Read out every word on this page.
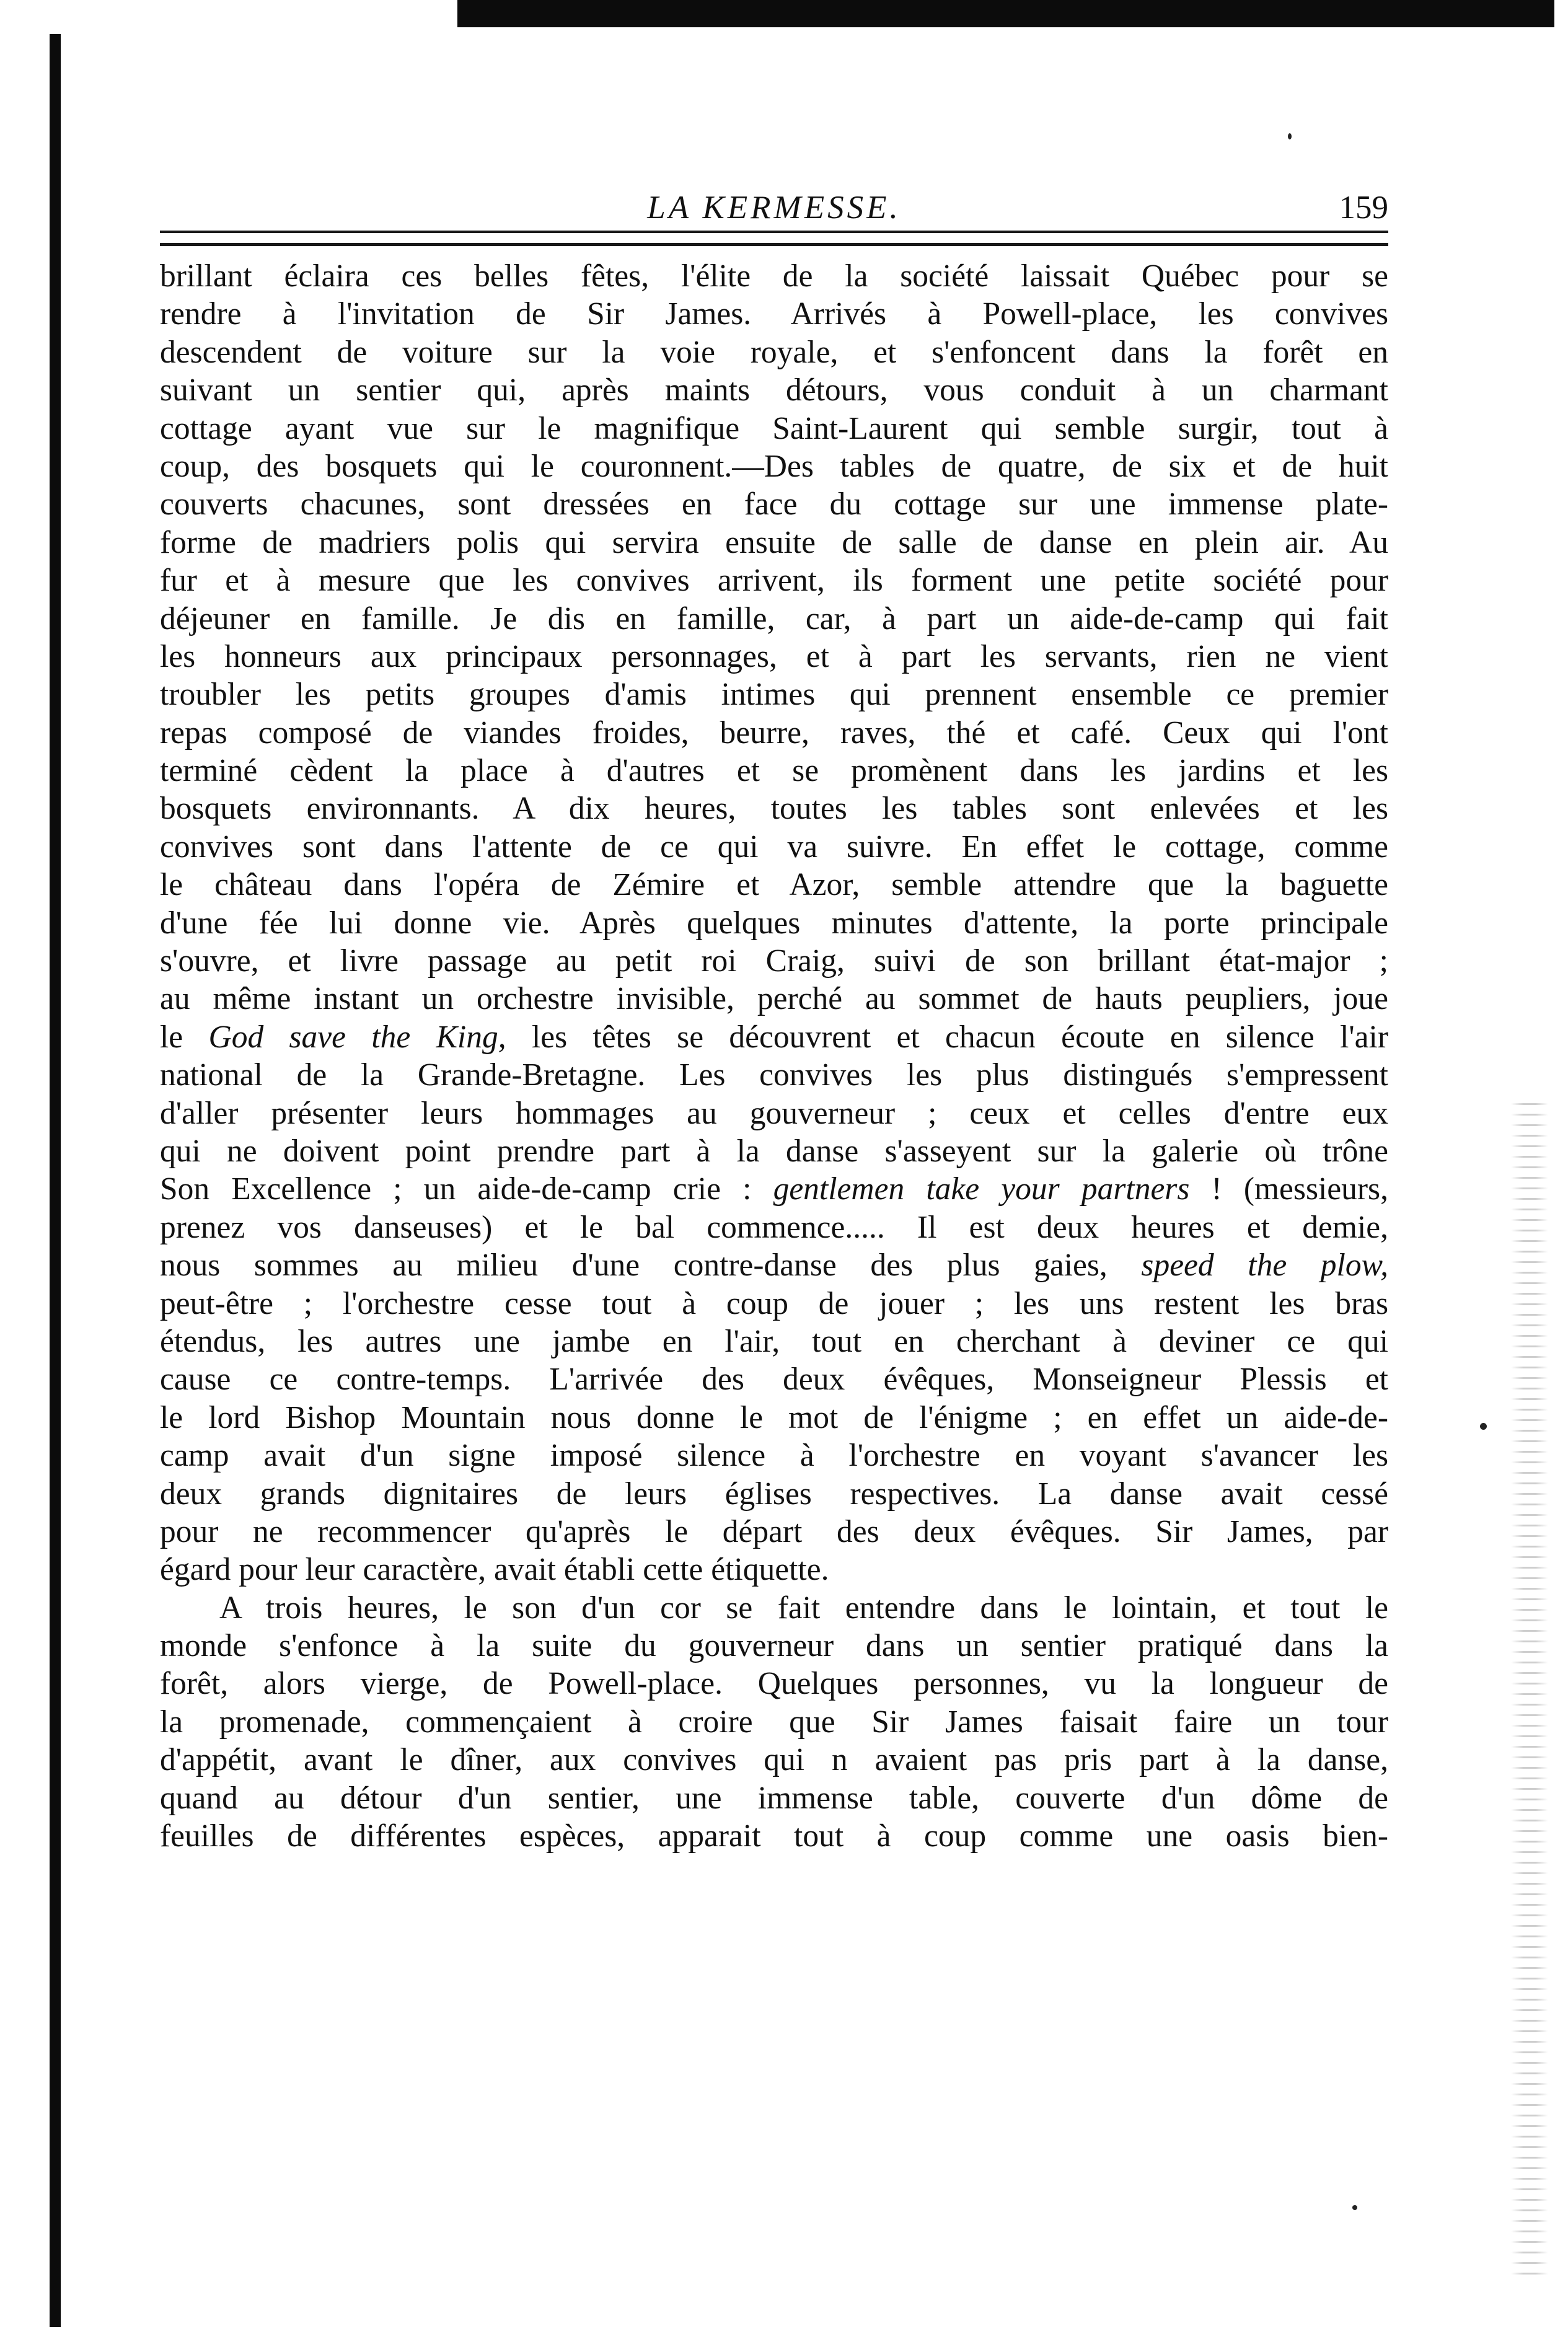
LA KERMESSE.	159
brillant éclaira ces belles fêtes, l'élite de la société laissait Québec pour se
rendre à l'invitation de Sir James. Arrivés à Powell-place, les convives
descendent de voiture sur la voie royale, et s'enfoncent dans la forêt en
suivant un sentier qui, après maints détours, vous conduit à un charmant
cottage ayant vue sur le magnifique Saint-Laurent qui semble surgir, tout à
coup, des bosquets qui le couronnent.—Des tables de quatre, de six et de huit
couverts chacunes, sont dressées en face du cottage sur une immense plate-
forme de madriers polis qui servira ensuite de salle de danse en plein air. Au
fur et à mesure que les convives arrivent, ils forment une petite société pour
déjeuner en famille. Je dis en famille, car, à part un aide-de-camp qui fait
les honneurs aux principaux personnages, et à part les servants, rien ne vient
troubler les petits groupes d'amis intimes qui prennent ensemble ce premier
repas composé de viandes froides, beurre, raves, thé et café. Ceux qui l'ont
terminé cèdent la place à d'autres et se promènent dans les jardins et les
bosquets environnants. A dix heures, toutes les tables sont enlevées et les
convives sont dans l'attente de ce qui va suivre. En effet le cottage, comme
le château dans l'opéra de Zémire et Azor, semble attendre que la baguette
d'une fée lui donne vie. Après quelques minutes d'attente, la porte principale
s'ouvre, et livre passage au petit roi Craig, suivi de son brillant état-major ;
au même instant un orchestre invisible, perché au sommet de hauts peupliers, joue
le God save the King, les têtes se découvrent et chacun écoute en silence l'air
national de la Grande-Bretagne. Les convives les plus distingués s'empressent
d'aller présenter leurs hommages au gouverneur ; ceux et celles d'entre eux
qui ne doivent point prendre part à la danse s'asseyent sur la galerie où trône
Son Excellence ; un aide-de-camp crie : gentlemen take your partners ! (messieurs,
prenez vos danseuses) et le bal commence..... Il est deux heures et demie,
nous sommes au milieu d'une contre-danse des plus gaies, speed the plow,
peut-être ; l'orchestre cesse tout à coup de jouer ; les uns restent les bras
étendus, les autres une jambe en l'air, tout en cherchant à deviner ce qui
cause ce contre-temps. L'arrivée des deux évêques, Monseigneur Plessis et
le lord Bishop Mountain nous donne le mot de l'énigme ; en effet un aide-de-
camp avait d'un signe imposé silence à l'orchestre en voyant s'avancer les
deux grands dignitaires de leurs églises respectives. La danse avait cessé
pour ne recommencer qu'après le départ des deux évêques. Sir James, par
égard pour leur caractère, avait établi cette étiquette.
A trois heures, le son d'un cor se fait entendre dans le lointain, et tout le
monde s'enfonce à la suite du gouverneur dans un sentier pratiqué dans la
forêt, alors vierge, de Powell-place. Quelques personnes, vu la longueur de
la promenade, commençaient à croire que Sir James faisait faire un tour
d'appétit, avant le dîner, aux convives qui n avaient pas pris part à la danse,
quand au détour d'un sentier, une immense table, couverte d'un dôme de
feuilles de différentes espèces, apparait tout à coup comme une oasis bien-
